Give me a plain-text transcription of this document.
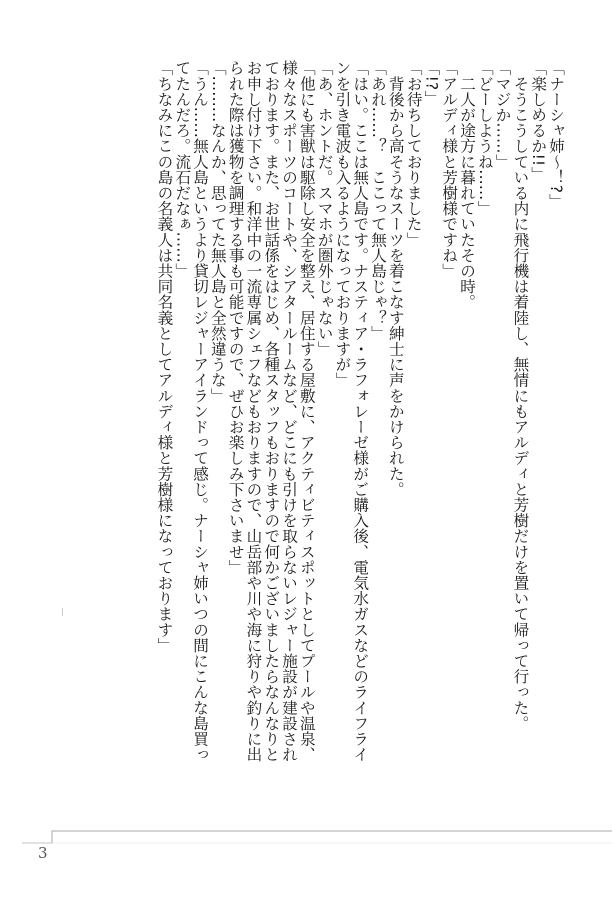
「ナーシャ姉～！?」
「楽しめるか!!」
　そうこうしている内に飛行機は着陸し、無情にもアルディと芳樹だけを置いて帰って行った。
「マジか……」
「どーしようね……」
　二人が途方に暮れていたその時。
「アルディ様と芳樹様ですね」
「!?」
「お待ちしておりました」
　背後から高そうなスーツを着こなす紳士に声をかけられた。
「あれ……？　ここって無人島じゃ？」
「はい。ここは無人島です。ナスティア・ラフォレーゼ様がご購入後、電気水ガスなどのライフライ
ンを引き電波も入るようになっておりますが」
「あ、ホントだ。スマホが圏外じゃない」
「他にも害獣は駆除し安全を整え、居住する屋敷に、アクティビティスポットとしてプールや温泉、
様々なスポーツのコートや、シアタールームなど、どこにも引けを取らないレジャー施設が建設され
ております。また、お世話係をはじめ、各種スタッフもおりますので何かございましたらなんなりと
お申し付け下さい。和洋中の一流専属シェフなどもおりますので、山岳部や川や海に狩りや釣りに出
られた際は獲物を調理する事も可能ですので、ぜひお楽しみ下さいませ」
「………なんか、思ってた無人島と全然違うな」
「うん……無人島というより貸切レジャーアイランドって感じ。ナーシャ姉いつの間にこんな島買っ
てたんだろ。流石だなぁ……」
「ちなみにこの島の名義人は共同名義としてアルディ様と芳樹様になっております」
3
